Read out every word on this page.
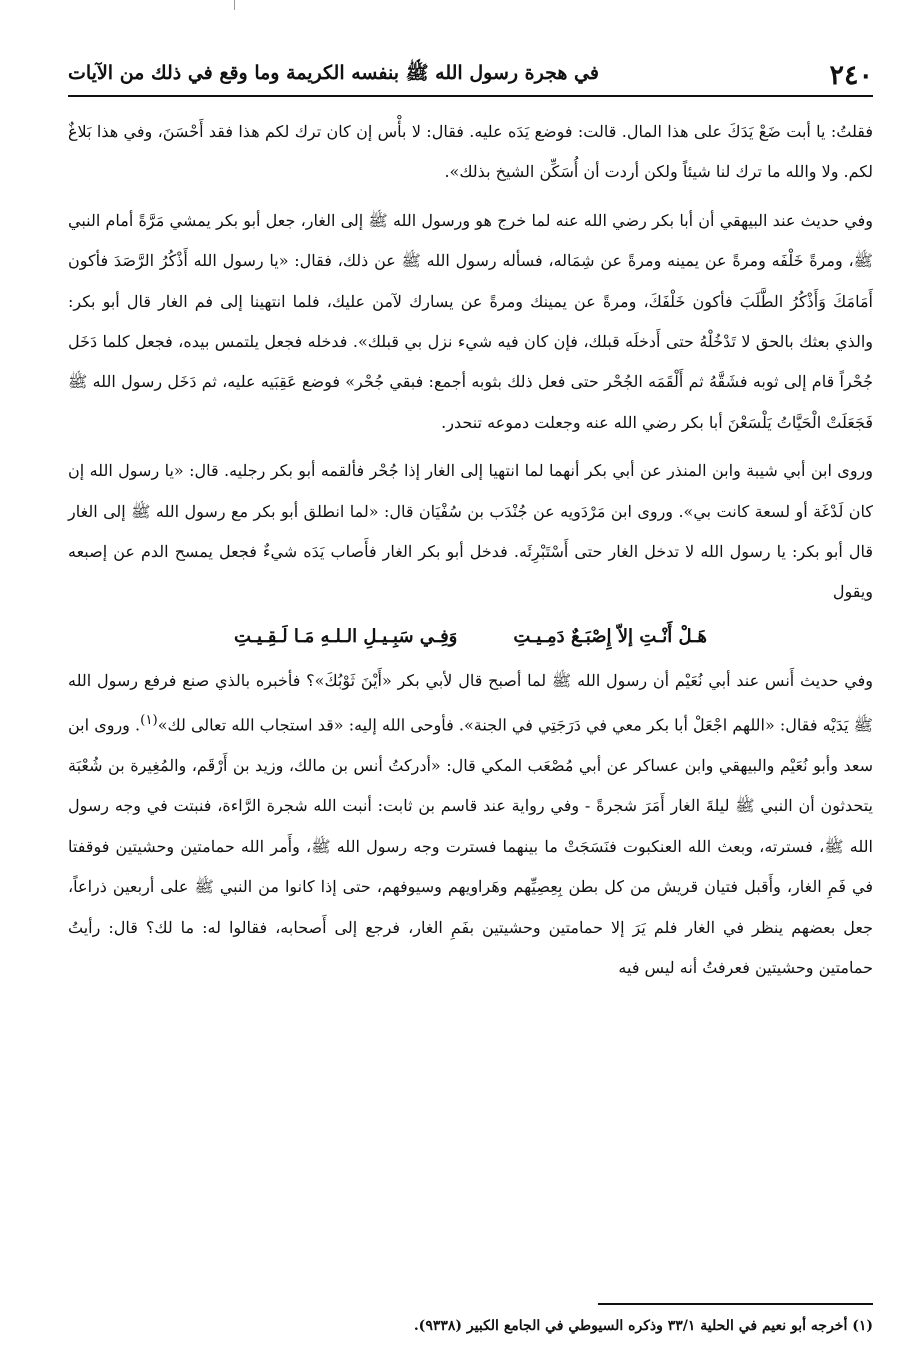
٢٤٠
في هجرة رسول الله ﷺ بنفسه الكريمة وما وقع في ذلك من الآيات

فقلتُ: يا أبت ضَعْ يَدَكَ على هذا المال. قالت: فوضع يَدَه عليه. فقال: لا بأْس إن كان ترك لكم هذا فقد أَحْسَنَ، وفي هذا بَلاغٌ لكم. ولا والله ما ترك لنا شيئاً ولكن أردت أن أُسَكِّن الشيخ بذلك».

وفي حديث عند البيهقي أن أبا بكر رضي الله عنه لما خرج هو ورسول الله ﷺ إلى الغار، جعل أبو بكر يمشي مَرَّةً أمام النبي ﷺ، ومرةً خَلْفَه ومرةً عن يمينه ومرةً عن شِمَاله، فسأله رسول الله ﷺ عن ذلك، فقال: «يا رسول الله أَذْكُرُ الرَّصَدَ فأكون أَمَامَكَ وَأَذْكُرُ الطَّلَبَ فأكون خَلْفَكَ، ومرةً عن يمينك ومرةً عن يسارك لآمن عليك، فلما انتهينا إلى فم الغار قال أبو بكر: والذي بعثك بالحق لا تَدْخُلْهُ حتى أَدخلَه قبلك، فإن كان فيه شيء نزل بي قبلك». فدخله فجعل يلتمس بيده، فجعل كلما دَخَل جُحْراً قام إلى ثوبه فشَقَّهُ ثم أَلْقَمَه الجُحْر حتى فعل ذلك بثوبه أجمع: فبقي جُحْر» فوضع عَقِبَيه عليه، ثم دَخَل رسول الله ﷺ فَجَعَلَتْ الْحَيَّاتُ يَلْسَعْنَ أبا بكر رضي الله عنه وجعلت دموعه تنحدر.

وروى ابن أبي شيبة وابن المنذر عن أبي بكر أنهما لما انتهيا إلى الغار إذا جُحْر فألقمه أبو بكر رجليه. قال: «يا رسول الله إن كان لَدْغَة أو لسعة كانت بي». وروى ابن مَرْدَويه عن جُنْدَب بن سُفْيَان قال: «لما انطلق أبو بكر مع رسول الله ﷺ إلى الغار قال أبو بكر: يا رسول الله لا تدخل الغار حتى أَسْتَبْرِئَه. فدخل أبو بكر الغار فأَصاب يَدَه شيءٌ فجعل يمسح الدم عن إصبعه ويقول

هَـلْ أَنْـتِ إلاّ إِصْبَـعٌ دَمِـيـتِ
وَفِـي سَبِـيـلِ الـلـهِ مَـا لَـقِـيـتِ

وفي حديث أَنس عند أبي نُعَيْم أن رسول الله ﷺ لما أصبح قال لأبي بكر «أَيْنَ ثَوْبُكَ»؟ فأخبره بالذي صنع فرفع رسول الله ﷺ يَدَيْه فقال: «اللهم اجْعَلْ أبا بكر معي في دَرَجَتِي في الجنة». فأوحى الله إليه: «قد استجاب الله تعالى لك»$^{(١)}$. وروى ابن سعد وأبو نُعَيْم والبيهقي وابن عساكر عن أبي مُصْعَب المكي قال: «أدركتُ أنس بن مالك، وزيد بن أَرْقَم، والمُغِيرة بن شُعْبَة يتحدثون أن النبي ﷺ ليلةَ الغار أَمَرَ شجرةً - وفي رواية عند قاسم بن ثابت: أنبت الله شجرة الرَّاءة، فنبتت في وجه رسول الله ﷺ، فسترته، وبعث الله العنكبوت فنَسَجَتْ ما بينهما فسترت وجه رسول الله ﷺ، وأَمر الله حمامتين وحشيتين فوقفتا في فَمِ الغار، وأَقبل فتيان قريش من كل بطن بِعِصِيِّهم وهَراويهم وسيوفهم، حتى إذا كانوا من النبي ﷺ على أربعين ذراعاً، جعل بعضهم ينظر في الغار فلم يَرَ إلا حمامتين وحشيتين بفَمِ الغار، فرجع إلى أَصحابه، فقالوا له: ما لك؟ قال: رأيتُ حمامتين وحشيتين فعرفتُ أنه ليس فيه

(١) أخرجه أبو نعيم في الحلية ٣٣/١ وذكره السيوطي في الجامع الكبير (٩٣٣٨).
